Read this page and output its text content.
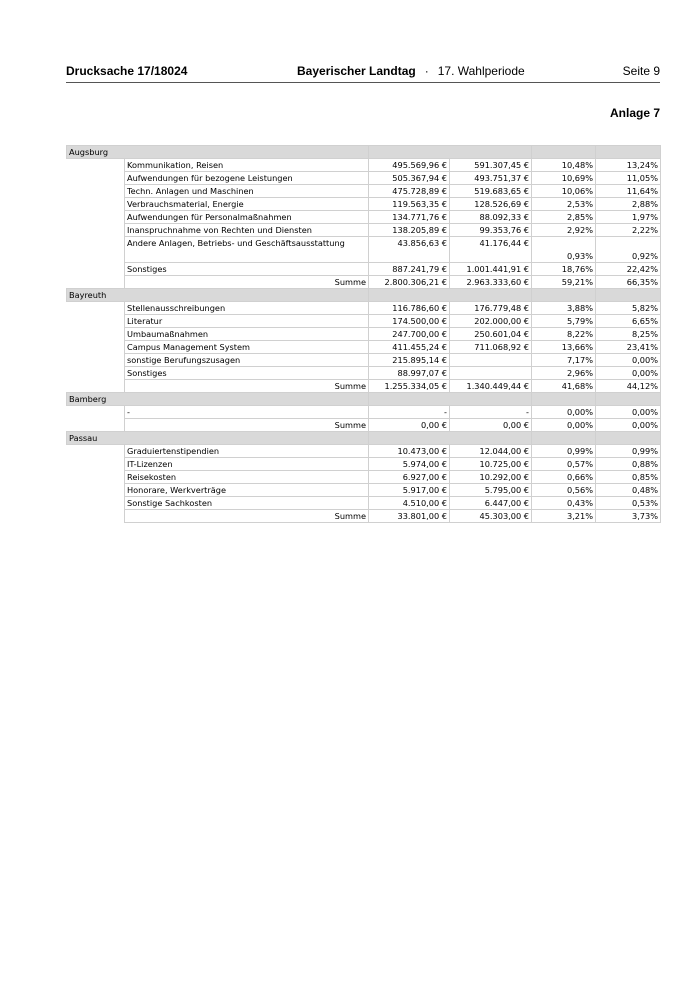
Drucksache 17/18024	Bayerischer Landtag · 17. Wahlperiode	Seite 9
Anlage 7
Augsburg					
	Kommunikation, Reisen	495.569,96 €	591.307,45 €	10,48%	13,24%
	Aufwendungen für bezogene Leistungen	505.367,94 €	493.751,37 €	10,69%	11,05%
	Techn. Anlagen und Maschinen	475.728,89 €	519.683,65 €	10,06%	11,64%
	Verbrauchsmaterial, Energie	119.563,35 €	128.526,69 €	2,53%	2,88%
	Aufwendungen für Personalmaßnahmen	134.771,76 €	88.092,33 €	2,85%	1,97%
	Inanspruchnahme von Rechten und Diensten	138.205,89 €	99.353,76 €	2,92%	2,22%
	Andere Anlagen, Betriebs- und Geschäftsausstattung	43.856,63 €	41.176,44 €	0,93%	0,92%
	Sonstiges	887.241,79 €	1.001.441,91 €	18,76%	22,42%
	Summe	2.800.306,21 €	2.963.333,60 €	59,21%	66,35%
Bayreuth					
	Stellenausschreibungen	116.786,60 €	176.779,48 €	3,88%	5,82%
	Literatur	174.500,00 €	202.000,00 €	5,79%	6,65%
	Umbaumaßnahmen	247.700,00 €	250.601,04 €	8,22%	8,25%
	Campus Management System	411.455,24 €	711.068,92 €	13,66%	23,41%
	sonstige Berufungszusagen	215.895,14 €		7,17%	0,00%
	Sonstiges	88.997,07 €		2,96%	0,00%
	Summe	1.255.334,05 €	1.340.449,44 €	41,68%	44,12%
Bamberg					
	-	-	-	0,00%	0,00%
	Summe	0,00 €	0,00 €	0,00%	0,00%
Passau					
	Graduiertenstipendien	10.473,00 €	12.044,00 €	0,99%	0,99%
	IT-Lizenzen	5.974,00 €	10.725,00 €	0,57%	0,88%
	Reisekosten	6.927,00 €	10.292,00 €	0,66%	0,85%
	Honorare, Werkverträge	5.917,00 €	5.795,00 €	0,56%	0,48%
	Sonstige Sachkosten	4.510,00 €	6.447,00 €	0,43%	0,53%
	Summe	33.801,00 €	45.303,00 €	3,21%	3,73%
